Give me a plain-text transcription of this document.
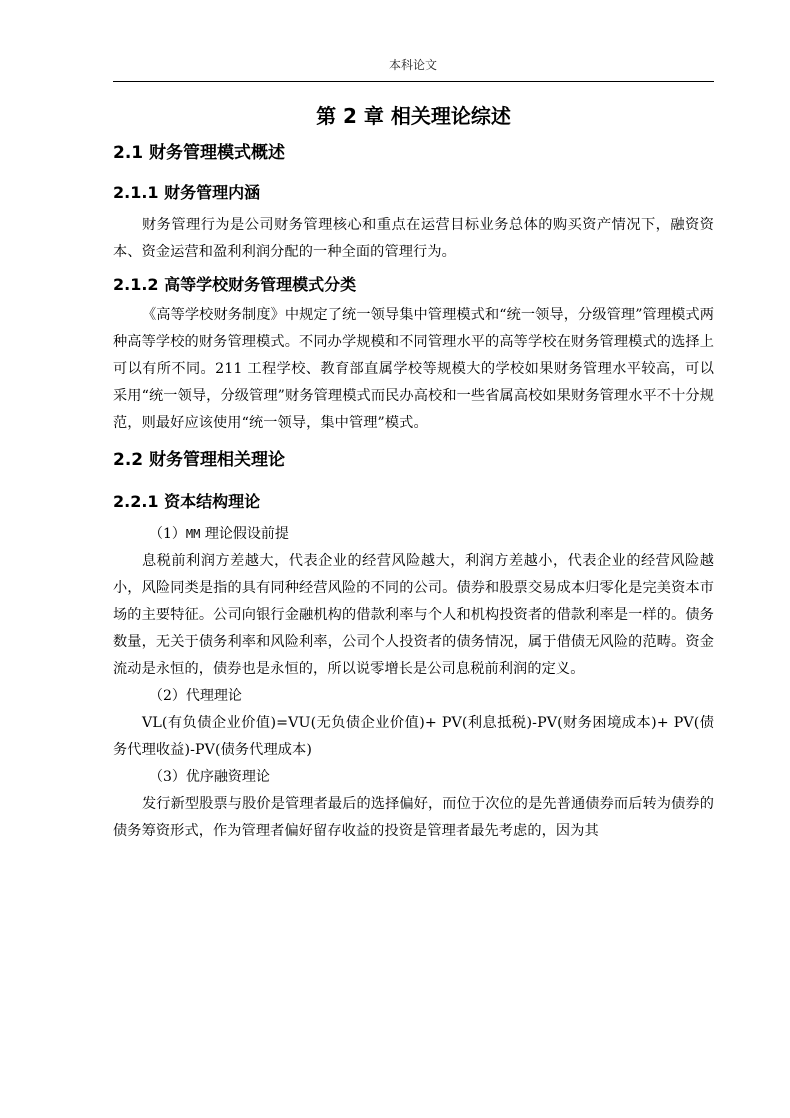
本科论文
第 2 章 相关理论综述
2.1 财务管理模式概述
2.1.1 财务管理内涵

财务管理行为是公司财务管理核心和重点在运营目标业务总体的购买资产情况下，融资资本、资金运营和盈利利润分配的一种全面的管理行为。

2.1.2 高等学校财务管理模式分类

《高等学校财务制度》中规定了统一领导集中管理模式和“统一领导，分级管理”管理模式两种高等学校的财务管理模式。不同办学规模和不同管理水平的高等学校在财务管理模式的选择上可以有所不同。211 工程学校、教育部直属学校等规模大的学校如果财务管理水平较高，可以采用“统一领导，分级管理”财务管理模式而民办高校和一些省属高校如果财务管理水平不十分规范，则最好应该使用“统一领导，集中管理”模式。

2.2 财务管理相关理论
2.2.1 资本结构理论

（1）MM 理论假设前提

息税前利润方差越大，代表企业的经营风险越大，利润方差越小，代表企业的经营风险越小，风险同类是指的具有同种经营风险的不同的公司。债券和股票交易成本归零化是完美资本市场的主要特征。公司向银行金融机构的借款利率与个人和机构投资者的借款利率是一样的。债务数量，无关于债务利率和风险利率，公司个人投资者的债务情况，属于借债无风险的范畴。资金流动是永恒的，债券也是永恒的，所以说零增长是公司息税前利润的定义。

（2）代理理论

VL(有负债企业价值)=VU(无负债企业价值)+ PV(利息抵税)-PV(财务困境成本)+ PV(债务代理收益)-PV(债务代理成本)

（3）优序融资理论

发行新型股票与股价是管理者最后的选择偏好，而位于次位的是先普通债券而后转为债券的债务筹资形式，作为管理者偏好留存收益的投资是管理者最先考虑的，因为其
